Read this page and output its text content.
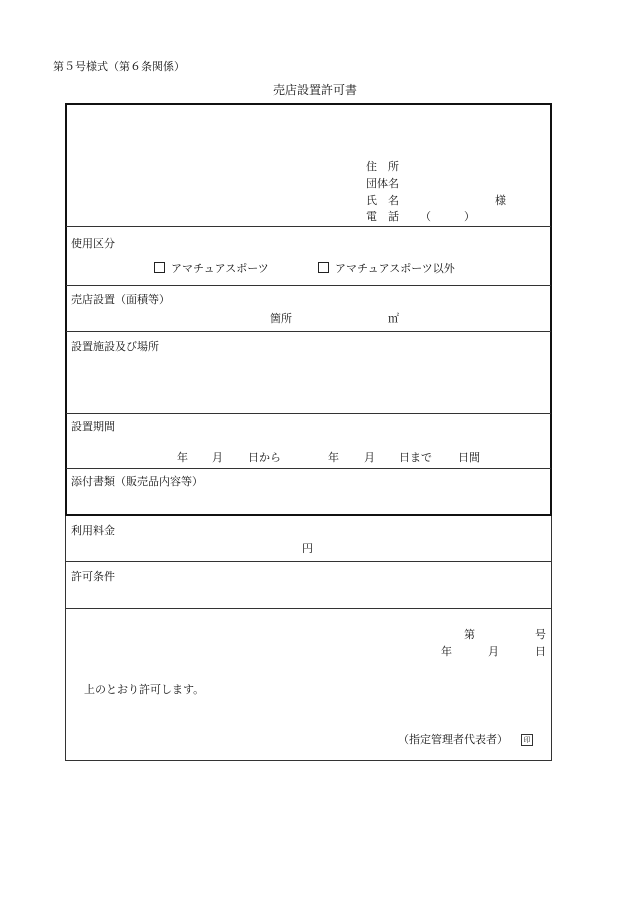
第５号様式（第６条関係）
売店設置許可書
住　所
団体名
氏　名	様
電　話 （　　　）
使用区分
アマチュアスポーツ	アマチュアスポーツ以外
売店設置（面積等）
箇所	㎡
設置施設及び場所
設置期間
年 月 日から	年 月 日まで 日間
添付書類（販売品内容等）
利用料金
円
許可条件
第	号
年	月	日
上のとおり許可します。
（指定管理者代表者）	印
